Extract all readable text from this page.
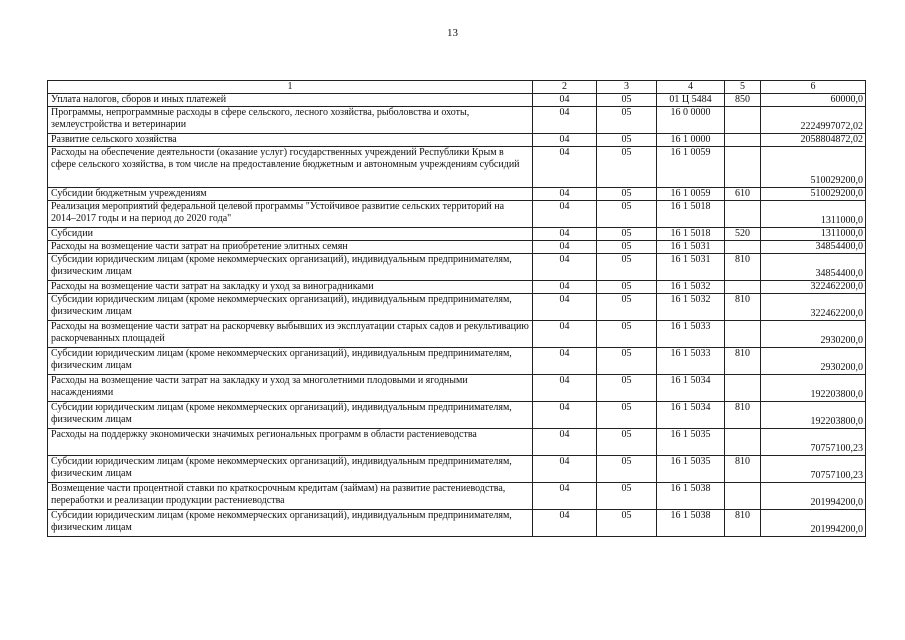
13
1	2	3	4	5	6
Уплата налогов, сборов и иных платежей	04	05	01 Ц 5484	850	60000,0
Программы, непрограммные расходы в сфере сельского, лесного хозяйства, рыболовства и охоты, землеустройства и ветеринарии	04	05	16 0 0000		2224997072,02
Развитие сельского хозяйства	04	05	16 1 0000		2058804872,02
Расходы на обеспечение деятельности (оказание услуг) государственных учреждений Республики Крым в сфере сельского хозяйства, в том числе на предоставление бюджетным и автономным учреждениям субсидий	04	05	16 1 0059		510029200,0
Субсидии бюджетным учреждениям	04	05	16 1 0059	610	510029200,0
Реализация мероприятий федеральной целевой программы "Устойчивое развитие сельских территорий на 2014–2017 годы и на период до 2020 года"	04	05	16 1 5018		1311000,0
Субсидии	04	05	16 1 5018	520	1311000,0
Расходы на возмещение части затрат на приобретение элитных семян	04	05	16 1 5031		34854400,0
Субсидии юридическим лицам (кроме некоммерческих организаций), индивидуальным предпринимателям, физическим лицам	04	05	16 1 5031	810	34854400,0
Расходы на возмещение части затрат на закладку и уход за виноградниками	04	05	16 1 5032		322462200,0
Субсидии юридическим лицам (кроме некоммерческих организаций), индивидуальным предпринимателям, физическим лицам	04	05	16 1 5032	810	322462200,0
Расходы на возмещение части затрат на раскорчевку выбывших из эксплуатации старых садов и рекультивацию раскорчеванных площадей	04	05	16 1 5033		2930200,0
Субсидии юридическим лицам (кроме некоммерческих организаций), индивидуальным предпринимателям, физическим лицам	04	05	16 1 5033	810	2930200,0
Расходы на возмещение части затрат на закладку и уход за многолетними плодовыми и ягодными насаждениями	04	05	16 1 5034		192203800,0
Субсидии юридическим лицам (кроме некоммерческих организаций), индивидуальным предпринимателям, физическим лицам	04	05	16 1 5034	810	192203800,0
Расходы на поддержку экономически значимых региональных программ в области растениеводства	04	05	16 1 5035		70757100,23
Субсидии юридическим лицам (кроме некоммерческих организаций), индивидуальным предпринимателям, физическим лицам	04	05	16 1 5035	810	70757100,23
Возмещение части процентной ставки по краткосрочным кредитам (займам) на развитие растениеводства, переработки и реализации продукции растениеводства	04	05	16 1 5038		201994200,0
Субсидии юридическим лицам (кроме некоммерческих организаций), индивидуальным предпринимателям, физическим лицам	04	05	16 1 5038	810	201994200,0
